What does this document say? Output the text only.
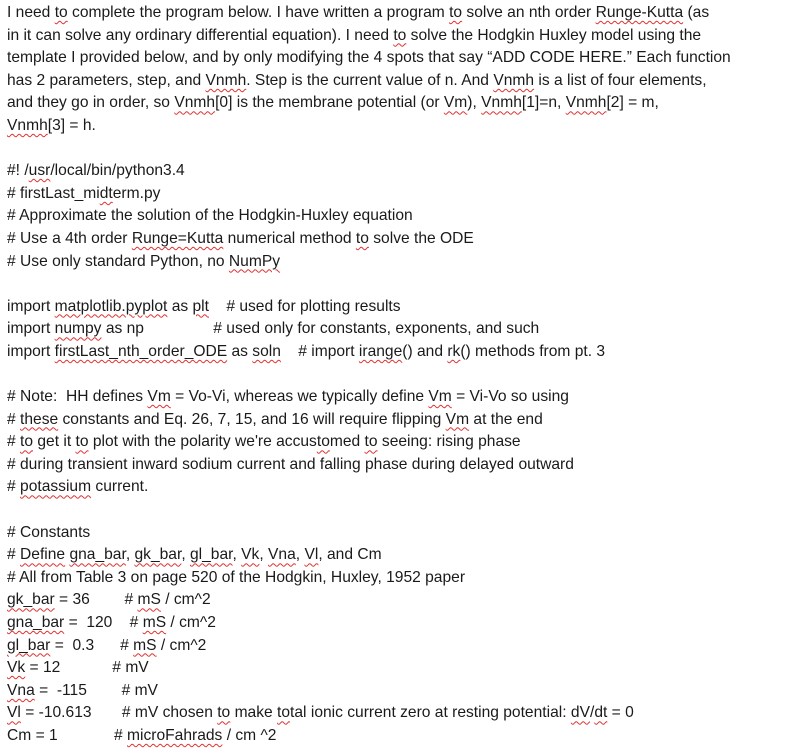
I need to complete the program below. I have written a program to solve an nth order Runge-Kutta (as
in it can solve any ordinary differential equation). I need to solve the Hodgkin Huxley model using the
template I provided below, and by only modifying the 4 spots that say “ADD CODE HERE.” Each function
has 2 parameters, step, and Vnmh. Step is the current value of n. And Vnmh is a list of four elements,
and they go in order, so Vnmh[0] is the membrane potential (or Vm), Vnmh[1]=n, Vnmh[2] = m,
Vnmh[3] = h.
#! /usr/local/bin/python3.4
# firstLast_midterm.py
# Approximate the solution of the Hodgkin-Huxley equation
# Use a 4th order Runge=Kutta numerical method to solve the ODE
# Use only standard Python, no NumPy
import matplotlib.pyplot as plt    # used for plotting results
import numpy as np                # used only for constants, exponents, and such
import firstLast_nth_order_ODE as soln    # import irange() and rk() methods from pt. 3
# Note:  HH defines Vm = Vo-Vi, whereas we typically define Vm = Vi-Vo so using
# these constants and Eq. 26, 7, 15, and 16 will require flipping Vm at the end
# to get it to plot with the polarity we're accustomed to seeing: rising phase
# during transient inward sodium current and falling phase during delayed outward
# potassium current.
# Constants
# Define gna_bar, gk_bar, gl_bar, Vk, Vna, Vl, and Cm
# All from Table 3 on page 520 of the Hodgkin, Huxley, 1952 paper
gk_bar = 36        # mS / cm^2
gna_bar =  120    # mS / cm^2
gl_bar =  0.3      # mS / cm^2
Vk = 12            # mV
Vna =  -115        # mV
Vl = -10.613       # mV chosen to make total ionic current zero at resting potential: dV/dt = 0
Cm = 1             # microFahrads / cm ^2
